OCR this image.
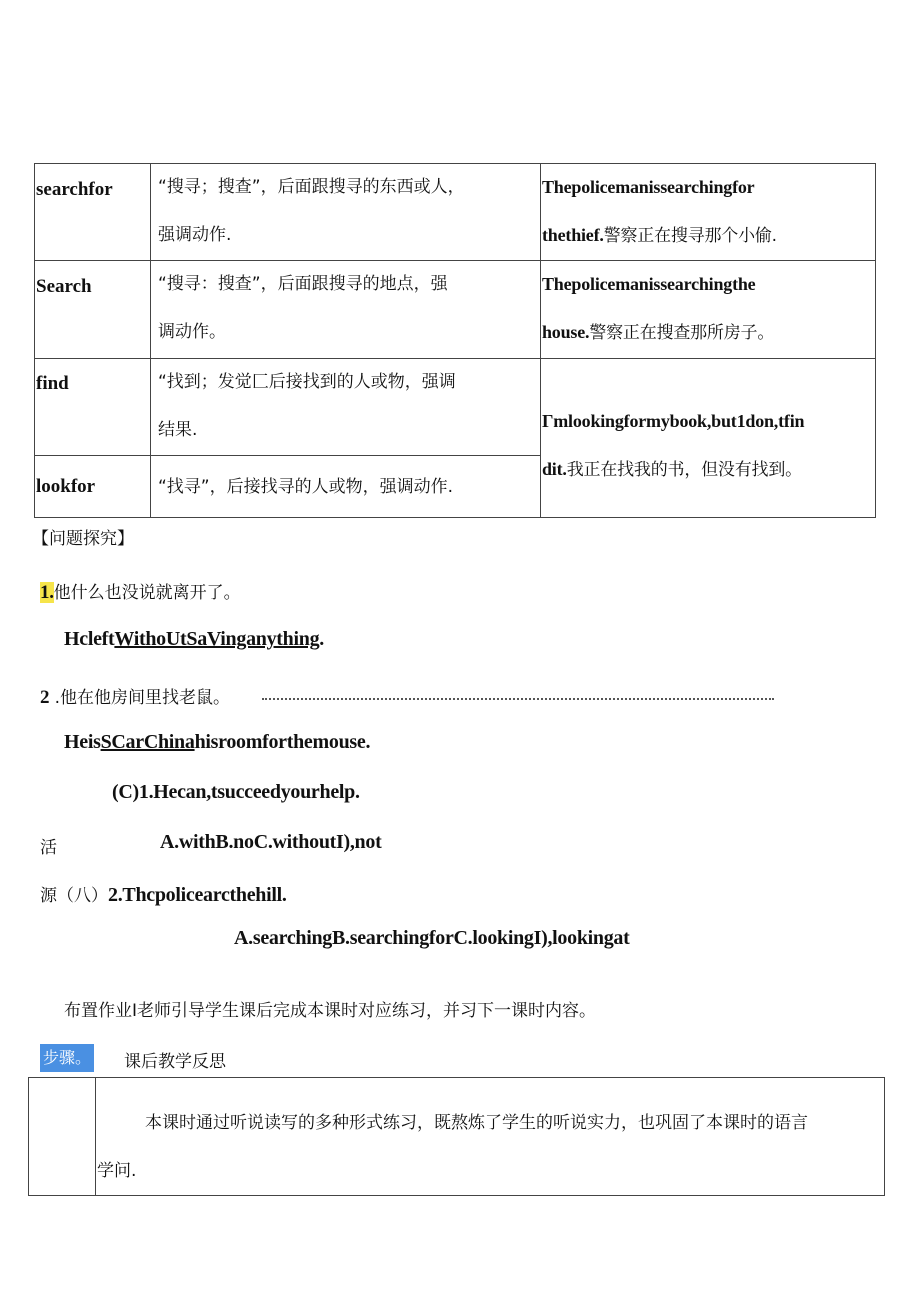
searchfor	“搜寻；搜查”，后面跟搜寻的东西或人，
强调动作.
Thepolicemanissearchingfor
thethief.警察正在搜寻那个小偷.
Search	“搜寻：搜查”，后面跟搜寻的地点，强
调动作。
Thepolicemanissearchingthe
house.警察正在搜查那所房子。
find	“找到；发觉匚后接找到的人或物，强调
结果.	Γmlookingformybook,but1don,tfin
dit.我正在找我的书，但没有找到。
lookfor	“找寻”，后接找寻的人或物，强调动作.
【问题探究】
1.他什么也没说就离开了。
HcleftWithoUtSaVinganything.
2 .他在他房间里找老鼠。
HeisSCarChinahisroomforthemouse.
(C)1.Hecan,tsucceedyourhelp.
活	A.withB.noC.withoutI),not
源（八）2.Thcpolicearcthehill.
A.searchingB.searchingforC.lookingI),lookingat
布置作业I老师引导学生课后完成本课时对应练习，并习下一课时内容。
步骤。 课后教学反思
本课时通过听说读写的多种形式练习，既熬炼了学生的听说实力，也巩固了本课时的语言
学问.
